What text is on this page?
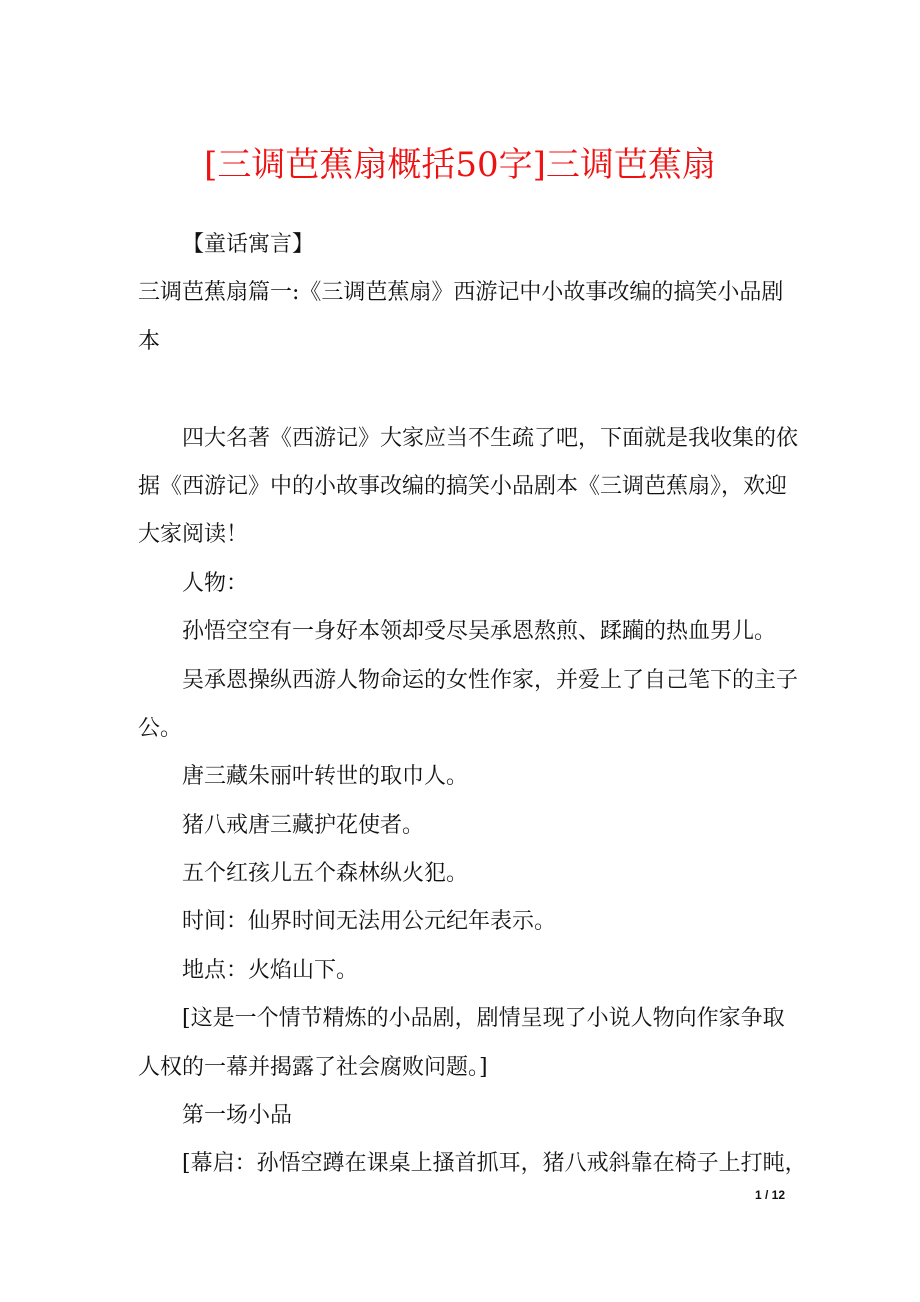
[三调芭蕉扇概括50字]三调芭蕉扇
【童话寓言】
三调芭蕉扇篇一:《三调芭蕉扇》西游记中小故事改编的搞笑小品剧
本
四大名著《西游记》大家应当不生疏了吧，下面就是我收集的依
据《西游记》中的小故事改编的搞笑小品剧本《三调芭蕉扇》，欢迎
大家阅读！
人物：
孙悟空空有一身好本领却受尽吴承恩熬煎、蹂躏的热血男儿。
吴承恩操纵西游人物命运的女性作家，并爱上了自己笔下的主子
公。
唐三藏朱丽叶转世的取巾人。
猪八戒唐三藏护花使者。
五个红孩儿五个森林纵火犯。
时间：仙界时间无法用公元纪年表示。
地点：火焰山下。
[这是一个情节精炼的小品剧，剧情呈现了小说人物向作家争取
人权的一幕并揭露了社会腐败问题。]
第一场小品
[幕启：孙悟空蹲在课桌上搔首抓耳，猪八戒斜靠在椅子上打盹，
1 / 12
